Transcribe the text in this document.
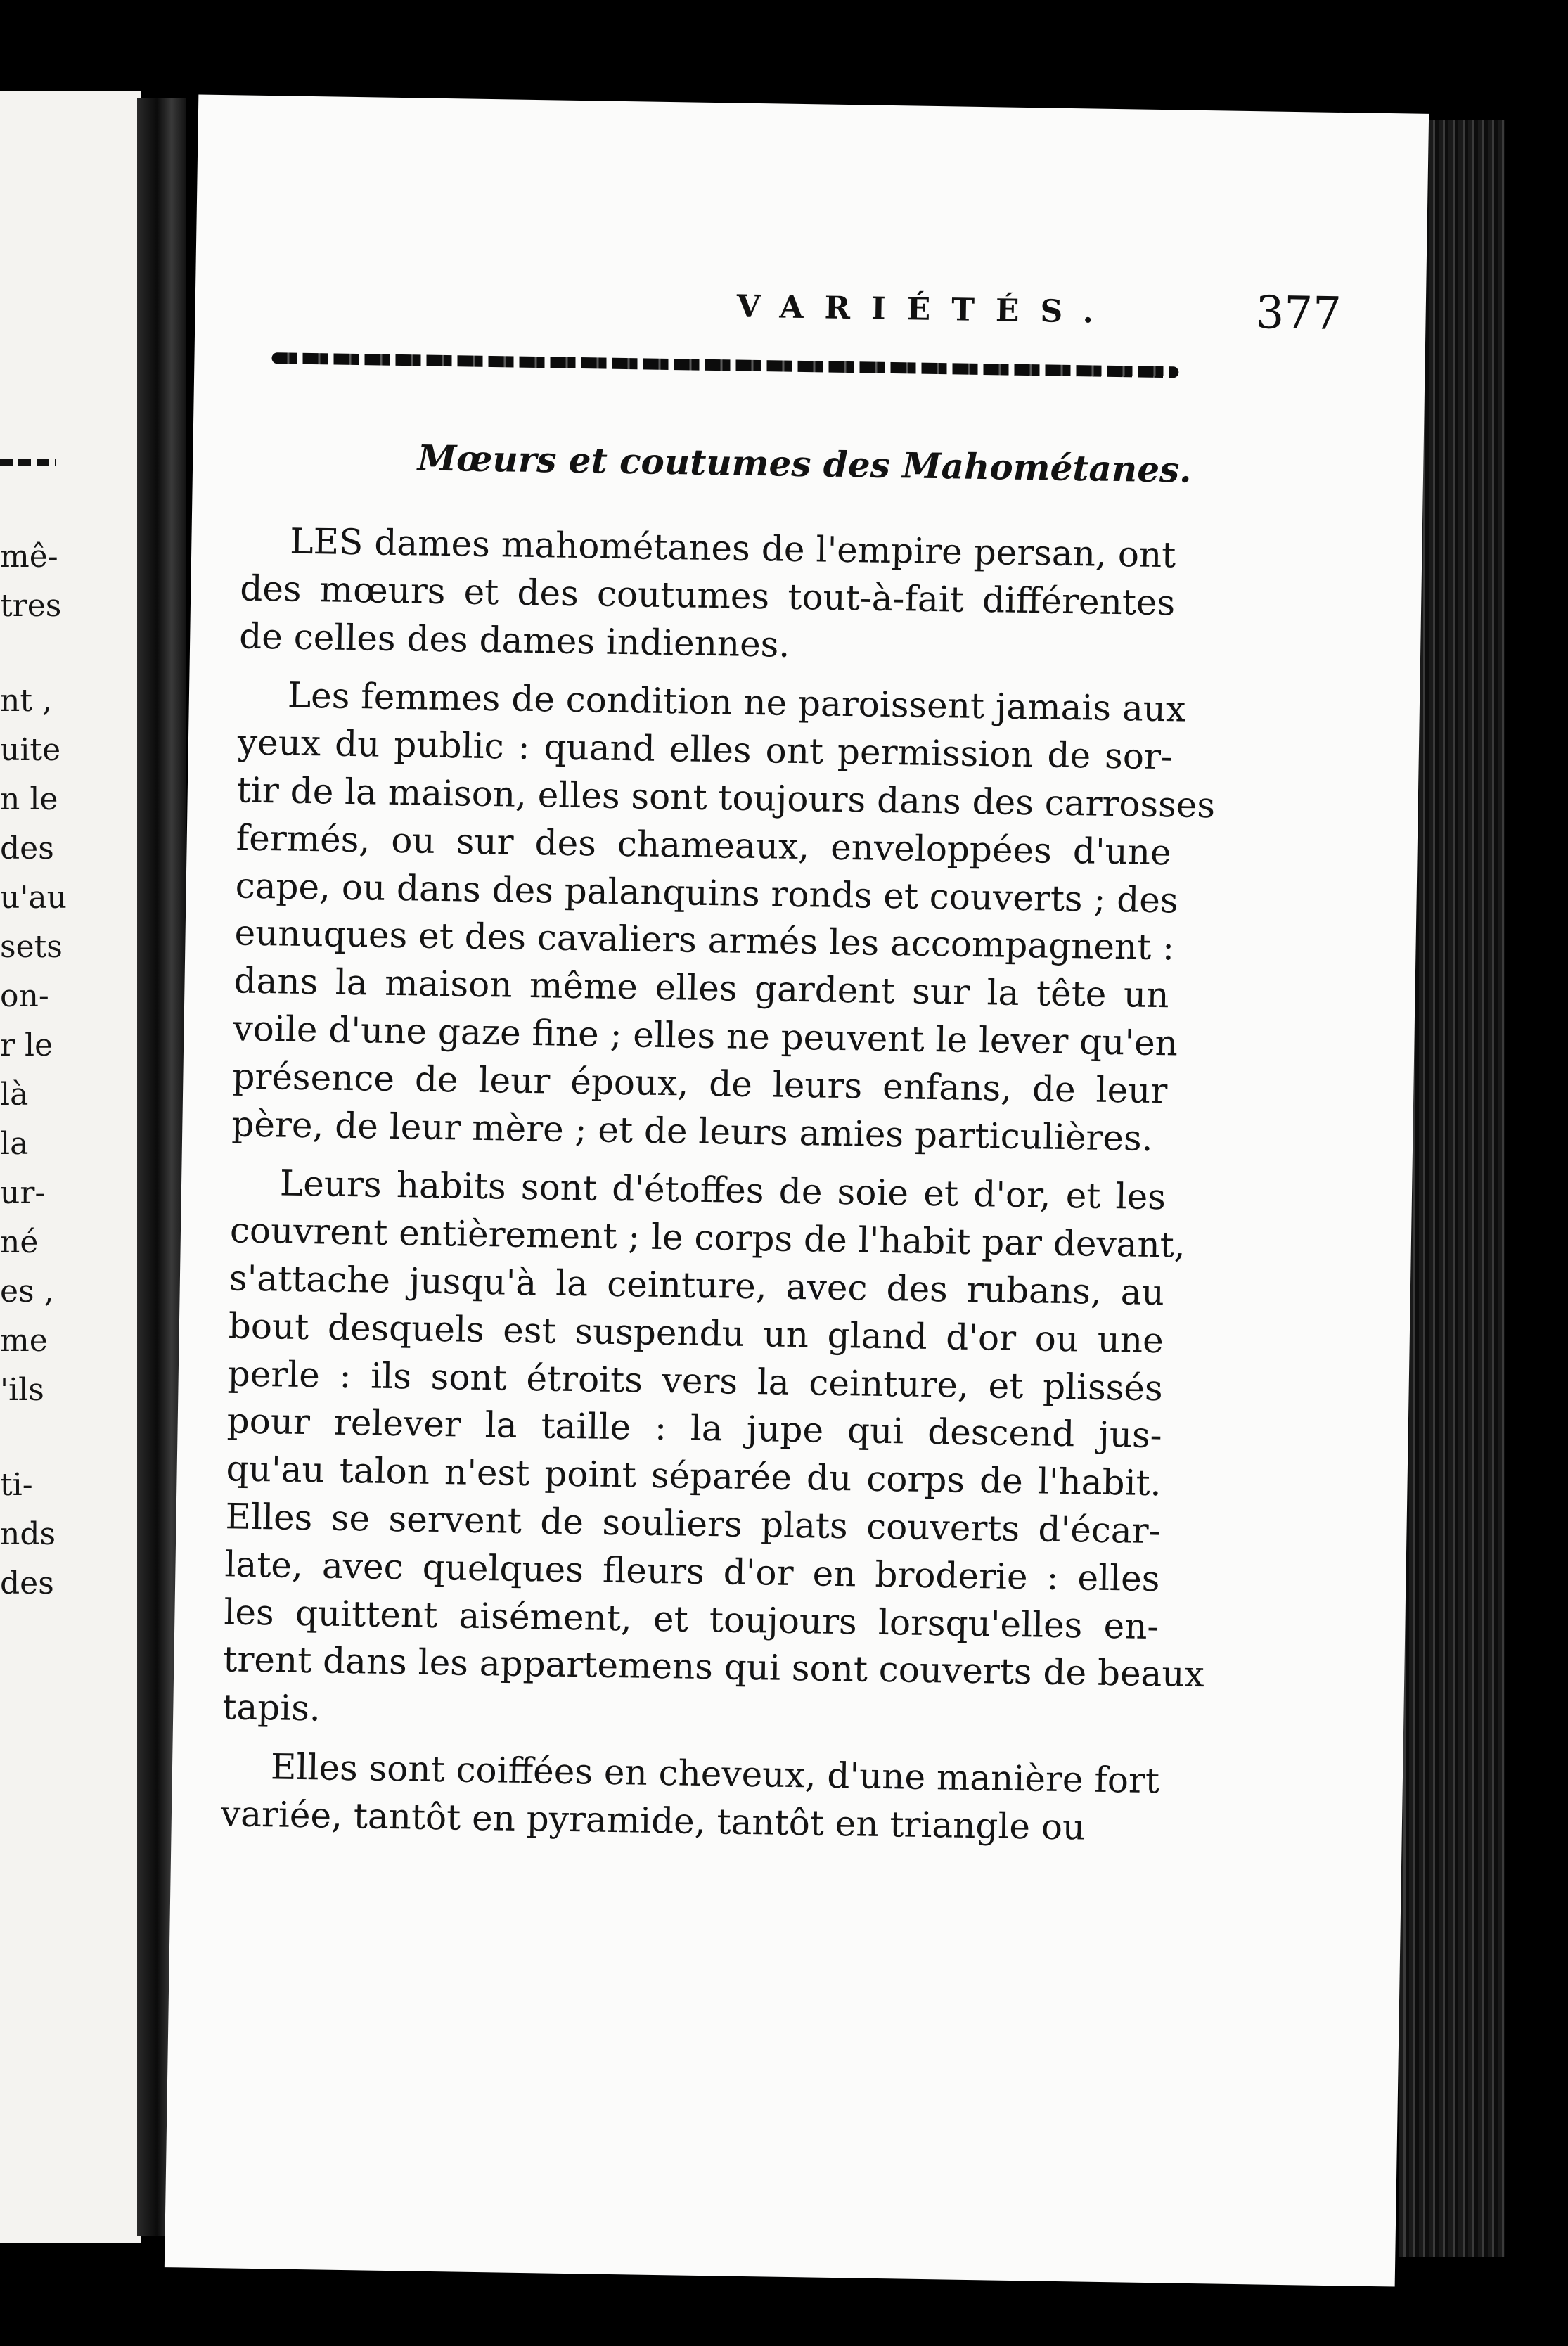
mê-
tres
nt ,
uite
n le
des
u'au
sets
on-
r le
là
la
ur-
né
es ,
me
'ils
ti-
nds
des
VARIÉTÉS.	377
Mœurs et coutumes des Mahométanes.
LES dames mahométanes de l'empire persan, ont
des mœurs et des coutumes tout-à-fait différentes
de celles des dames indiennes.
Les femmes de condition ne paroissent jamais aux
yeux du public : quand elles ont permission de sor-
tir de la maison, elles sont toujours dans des carrosses
fermés, ou sur des chameaux, enveloppées d'une
cape, ou dans des palanquins ronds et couverts ; des
eunuques et des cavaliers armés les accompagnent :
dans la maison même elles gardent sur la tête un
voile d'une gaze fine ; elles ne peuvent le lever qu'en
présence de leur époux, de leurs enfans, de leur
père, de leur mère ; et de leurs amies particulières.
Leurs habits sont d'étoffes de soie et d'or, et les
couvrent entièrement ; le corps de l'habit par devant,
s'attache jusqu'à la ceinture, avec des rubans, au
bout desquels est suspendu un gland d'or ou une
perle : ils sont étroits vers la ceinture, et plissés
pour relever la taille : la jupe qui descend jus-
qu'au talon n'est point séparée du corps de l'habit.
Elles se servent de souliers plats couverts d'écar-
late, avec quelques fleurs d'or en broderie : elles
les quittent aisément, et toujours lorsqu'elles en-
trent dans les appartemens qui sont couverts de beaux
tapis.
Elles sont coiffées en cheveux, d'une manière fort
variée, tantôt en pyramide, tantôt en triangle ou
